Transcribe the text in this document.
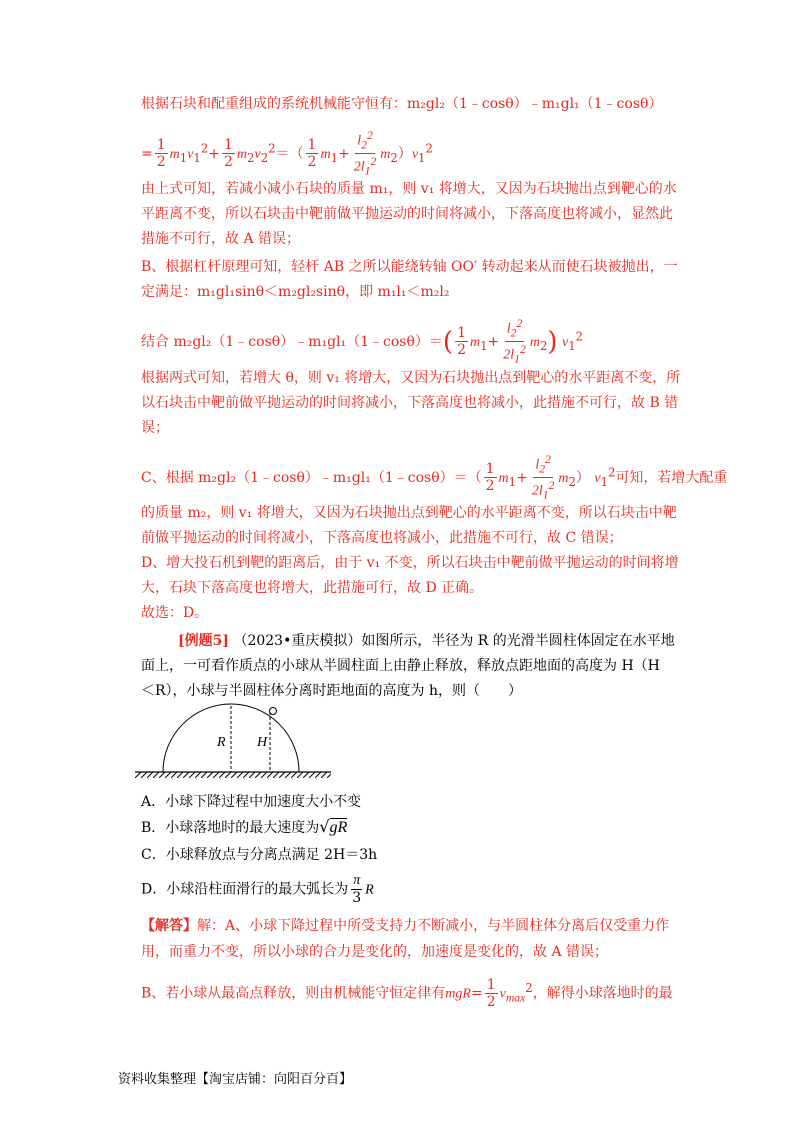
根据石块和配重组成的系统机械能守恒有：m₂gl₂（1﹣cosθ）﹣m₁gl₁（1﹣cosθ）
= $\frac{1}{2} m_1v_1^2+ \frac{1}{2} m_2v_2^2=( \frac{1}{2} m_1+ \frac{l_2^2}{2l_1^2} m_2)v_1^2$
由上式可知，若减小减小石块的质量 m₁，则 v₁ 将增大，又因为石块抛出点到靶心的水
平距离不变，所以石块击中靶前做平抛运动的时间将减小，下落高度也将减小，显然此
措施不可行，故 A 错误；
B、根据杠杆原理可知，轻杆 AB 之所以能绕转轴 OO′ 转动起来从而使石块被抛出，一
定满足：m₁gl₁sinθ＜m₂gl₂sinθ，即 m₁l₁＜m₂l₂
结合 m₂gl₂（1﹣cosθ）﹣m₁gl₁（1﹣cosθ）＝( $\frac{1}{2} m_1+ \frac{l_2^2}{2l_1^2} m_2$) $v_1^2$
根据两式可知，若增大 θ，则 v₁ 将增大，又因为石块抛出点到靶心的水平距离不变，所
以石块击中靶前做平抛运动的时间将减小，下落高度也将减小，此措施不可行，故 B 错
误；
C、根据 m₂gl₂（1﹣cosθ）﹣m₁gl₁（1﹣cosθ）＝（ $\frac{1}{2} m_1+ \frac{l_2^2}{2l_1^2} m_2$） $v_1^2$可知，若增大配重
的质量 m₂，则 v₁ 将增大，又因为石块抛出点到靶心的水平距离不变，所以石块击中靶
前做平抛运动的时间将减小，下落高度也将减小，此措施不可行，故 C 错误；
D、增大投石机到靶的距离后，由于 v₁ 不变，所以石块击中靶前做平抛运动的时间将增
大，石块下落高度也将增大，此措施可行，故 D 正确。
故选：D。
[例题5] （2023•重庆模拟）如图所示，半径为 R 的光滑半圆柱体固定在水平地
面上，一可看作质点的小球从半圆柱面上由静止释放，释放点距地面的高度为 H（H
＜R），小球与半圆柱体分离时距地面的高度为 h，则（　　）
R H
A．小球下降过程中加速度大小不变
B．小球落地时的最大速度为√gR
C．小球释放点与分离点满足 2H＝3h
D．小球沿柱面滑行的最大弧长为 $\frac{\pi}{3}$ R
【解答】解：A、小球下降过程中所受支持力不断减小，与半圆柱体分离后仅受重力作
用，而重力不变，所以小球的合力是变化的，加速度是变化的，故 A 错误；
B、若小球从最高点释放，则由机械能守恒定律有$mgR= \frac{1}{2} v_{max}^2$，解得小球落地时的最
资料收集整理【淘宝店铺：向阳百分百】
